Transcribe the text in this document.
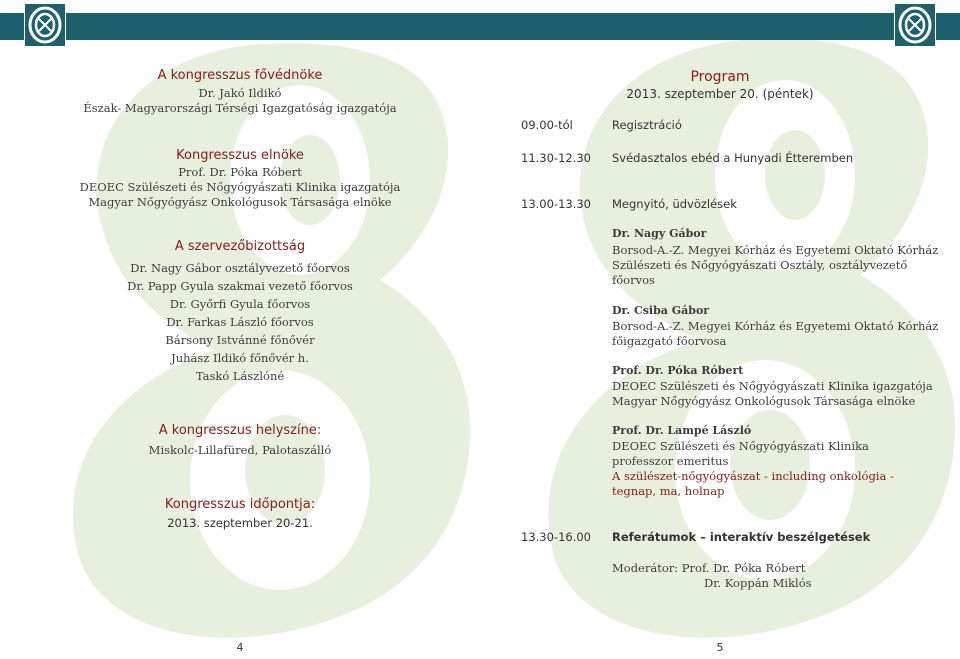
A kongresszus fővédnöke
Dr. Jakó Ildikó
Észak- Magyarországi Térségi Igazgatóság igazgatója
Kongresszus elnöke
Prof. Dr. Póka Róbert
DEOEC Szülészeti és Nőgyógyászati Klinika igazgatója
Magyar Nőgyógyász Onkológusok Társasága elnöke
A szervezőbizottság
Dr. Nagy Gábor osztályvezető főorvos
Dr. Papp Gyula szakmai vezető főorvos
Dr. Győrfi Gyula főorvos
Dr. Farkas László főorvos
Bársony Istvánné főnővér
Juhász Ildikó főnővér h.
Taskó Lászlóné
A kongresszus helyszíne:
Miskolc-Lillafüred, Palotaszálló
Kongresszus időpontja:
2013. szeptember 20-21.
4
Program
2013. szeptember 20. (péntek)
09.00-tól	Regisztráció
11.30-12.30 Svédasztalos ebéd a Hunyadi Étteremben
13.00-13.30 Megnyitó, üdvözlések
Dr. Nagy Gábor
Borsod-A.-Z. Megyei Kórház és Egyetemi Oktató Kórház
Szülészeti és Nőgyógyászati Osztály, osztályvezető
főorvos
Dr. Csiba Gábor
Borsod-A.-Z. Megyei Kórház és Egyetemi Oktató Kórház
főigazgató főorvosa
Prof. Dr. Póka Róbert
DEOEC Szülészeti és Nőgyógyászati Klinika igazgatója
Magyar Nőgyógyász Onkológusok Társasága elnöke
Prof. Dr. Lampé László
DEOEC Szülészeti és Nőgyógyászati Klinika
professzor emeritus
A szülészet-nőgyógyászat - including onkológia -
tegnap, ma, holnap
13.30-16.00 Referátumok – interaktív beszélgetések
Moderátor: Prof. Dr. Póka Róbert
Dr. Koppán Miklós
5
